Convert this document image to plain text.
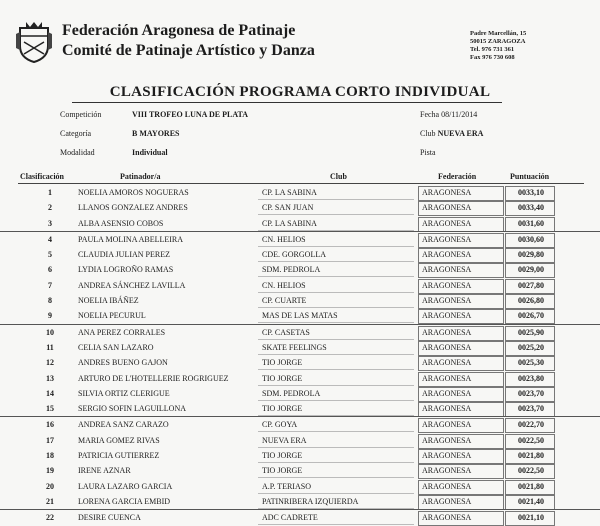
Federación Aragonesa de Patinaje
Comité de Patinaje Artístico y Danza
Padre Marcellán, 15
50015 ZARAGOZA
Tel. 976 731 361
Fax 976 730 608
CLASIFICACIÓN PROGRAMA CORTO INDIVIDUAL
Competición	VIII TROFEO LUNA DE PLATA	Fecha 08/11/2014
Categoría	B MAYORES	Club NUEVA ERA
Modalidad	Individual	Pista
Clasificación	Patinador/a	Club	Federación	Puntuación
1	NOELIA AMOROS NOGUERAS	CP. LA SABINA	ARAGONESA	0033,10
2	LLANOS GONZALEZ ANDRES	CP. SAN JUAN	ARAGONESA	0033,40
3	ALBA ASENSIO COBOS	CP. LA SABINA	ARAGONESA	0031,60
4	PAULA MOLINA ABELLEIRA	CN. HELIOS	ARAGONESA	0030,60
5	CLAUDIA JULIAN PEREZ	CDE. GORGOLLA	ARAGONESA	0029,80
6	LYDIA LOGROÑO RAMAS	SDM. PEDROLA	ARAGONESA	0029,00
7	ANDREA SÁNCHEZ LAVILLA	CN. HELIOS	ARAGONESA	0027,80
8	NOELIA IBÁÑEZ	CP. CUARTE	ARAGONESA	0026,80
9	NOELIA PECURUL	MAS DE LAS MATAS	ARAGONESA	0026,70
10	ANA PEREZ CORRALES	CP. CASETAS	ARAGONESA	0025,90
11	CELIA SAN LAZARO	SKATE FEELINGS	ARAGONESA	0025,20
12	ANDRES BUENO GAJON	TIO JORGE	ARAGONESA	0025,30
13	ARTURO DE L'HOTELLERIE ROGRIGUEZ	TIO JORGE	ARAGONESA	0023,80
14	SILVIA ORTIZ CLERIGUE	SDM. PEDROLA	ARAGONESA	0023,70
15	SERGIO SOFIN LAGUILLONA	TIO JORGE	ARAGONESA	0023,70
16	ANDREA SANZ CARAZO	CP. GOYA	ARAGONESA	0022,70
17	MARIA GOMEZ RIVAS	NUEVA ERA	ARAGONESA	0022,50
18	PATRICIA GUTIERREZ	TIO JORGE	ARAGONESA	0021,80
19	IRENE AZNAR	TIO JORGE	ARAGONESA	0022,50
20	LAURA LAZARO GARCIA	A.P. TERIASO	ARAGONESA	0021,80
21	LORENA GARCIA EMBID	PATINRIBERA IZQUIERDA	ARAGONESA	0021,40
22	DESIRE CUENCA	ADC CADRETE	ARAGONESA	0021,10
